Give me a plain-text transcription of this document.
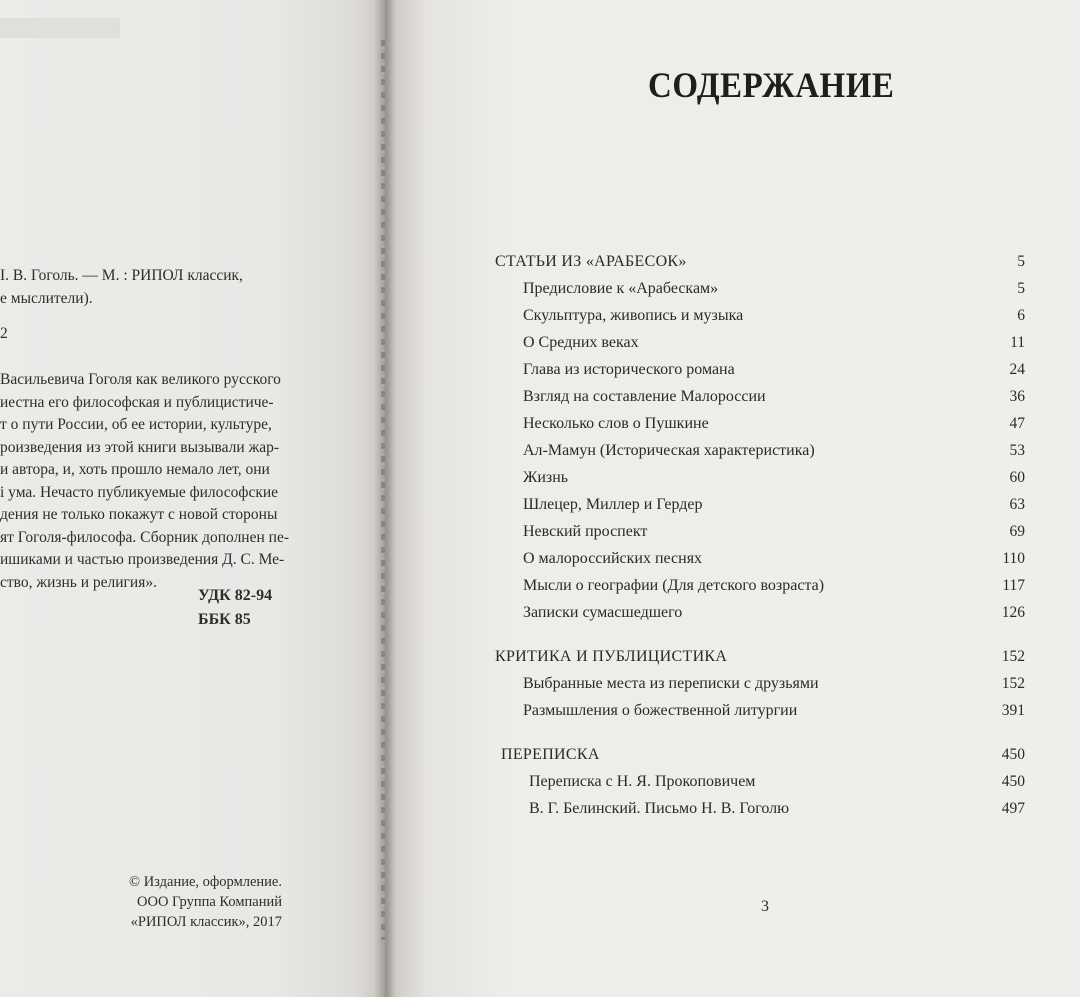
І. В. Гоголь. — М. : РИПОЛ классик,
е мыслители).
2
Васильевича Гоголя как великого русского
иестна его философская и публицистиче-
т о пути России, об ее истории, культуре,
роизведения из этой книги вызывали жар-
и автора, и, хоть прошло немало лет, они
і ума. Нечасто публикуемые философские
дения не только покажут с новой стороны
ят Гоголя-философа. Сборник дополнен пе-
ишиками и частью произведения Д. С. Ме-
ство, жизнь и религия».
УДК 82-94
ББК 85
© Издание, оформление.
ООО Группа Компаний
«РИПОЛ классик», 2017
СОДЕРЖАНИЕ
СТАТЬИ ИЗ «АРАБЕСОК»	5
Предисловие к «Арабескам»	5
Скульптура, живопись и музыка	6
О Средних веках	11
Глава из исторического романа	24
Взгляд на составление Малороссии	36
Несколько слов о Пушкине	47
Ал-Мамун (Историческая характеристика)	53
Жизнь	60
Шлецер, Миллер и Гердер	63
Невский проспект	69
О малороссийских песнях	110
Мысли о географии (Для детского возраста)	117
Записки сумасшедшего	126
КРИТИКА И ПУБЛИЦИСТИКА	152
Выбранные места из переписки с друзьями	152
Размышления о божественной литургии	391
ПЕРЕПИСКА	450
Переписка с Н. Я. Прокоповичем	450
В. Г. Белинский. Письмо Н. В. Гоголю	497
3
